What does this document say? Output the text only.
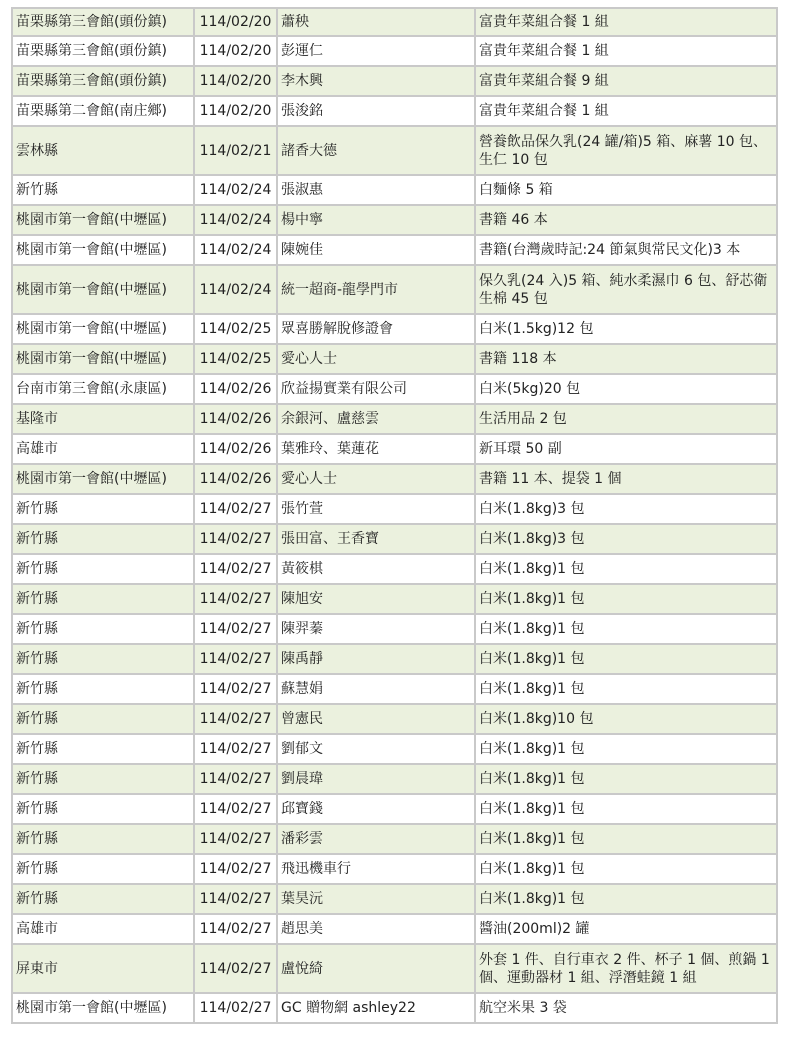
苗栗縣第三會館(頭份鎮)	114/02/20	蕭秧	富貴年菜組合餐 1 組
苗栗縣第三會館(頭份鎮)	114/02/20	彭運仁	富貴年菜組合餐 1 組
苗栗縣第三會館(頭份鎮)	114/02/20	李木興	富貴年菜組合餐 9 組
苗栗縣第二會館(南庄鄉)	114/02/20	張浚銘	富貴年菜組合餐 1 組
雲林縣	114/02/21	諸香大德	營養飲品保久乳(24 罐/箱)5 箱、麻薯 10 包、生仁 10 包
新竹縣	114/02/24	張淑惠	白麵條 5 箱
桃園市第一會館(中壢區)	114/02/24	楊中寧	書籍 46 本
桃園市第一會館(中壢區)	114/02/24	陳婉佳	書籍(台灣歲時記:24 節氣與常民文化)3 本
桃園市第一會館(中壢區)	114/02/24	統一超商-龍學門市	保久乳(24 入)5 箱、純水柔濕巾 6 包、舒芯衛生棉 45 包
桃園市第一會館(中壢區)	114/02/25	眾喜勝解脫修證會	白米(1.5kg)12 包
桃園市第一會館(中壢區)	114/02/25	愛心人士	書籍 118 本
台南市第三會館(永康區)	114/02/26	欣益揚實業有限公司	白米(5kg)20 包
基隆市	114/02/26	余銀河、盧慈雲	生活用品 2 包
高雄市	114/02/26	葉雅玲、葉蓮花	新耳環 50 副
桃園市第一會館(中壢區)	114/02/26	愛心人士	書籍 11 本、提袋 1 個
新竹縣	114/02/27	張竹萱	白米(1.8kg)3 包
新竹縣	114/02/27	張田富、王香寶	白米(1.8kg)3 包
新竹縣	114/02/27	黃筱棋	白米(1.8kg)1 包
新竹縣	114/02/27	陳旭安	白米(1.8kg)1 包
新竹縣	114/02/27	陳羿蓁	白米(1.8kg)1 包
新竹縣	114/02/27	陳禹靜	白米(1.8kg)1 包
新竹縣	114/02/27	蘇慧娟	白米(1.8kg)1 包
新竹縣	114/02/27	曾憲民	白米(1.8kg)10 包
新竹縣	114/02/27	劉郁文	白米(1.8kg)1 包
新竹縣	114/02/27	劉晨瑋	白米(1.8kg)1 包
新竹縣	114/02/27	邱寶錢	白米(1.8kg)1 包
新竹縣	114/02/27	潘彩雲	白米(1.8kg)1 包
新竹縣	114/02/27	飛迅機車行	白米(1.8kg)1 包
新竹縣	114/02/27	葉昊沅	白米(1.8kg)1 包
高雄市	114/02/27	趙思美	醬油(200ml)2 罐
屏東市	114/02/27	盧悅綺	外套 1 件、自行車衣 2 件、杯子 1 個、煎鍋 1 個、運動器材 1 組、浮潛蛙鏡 1 組
桃園市第一會館(中壢區)	114/02/27	GC 贈物網 ashley22	航空米果 3 袋
